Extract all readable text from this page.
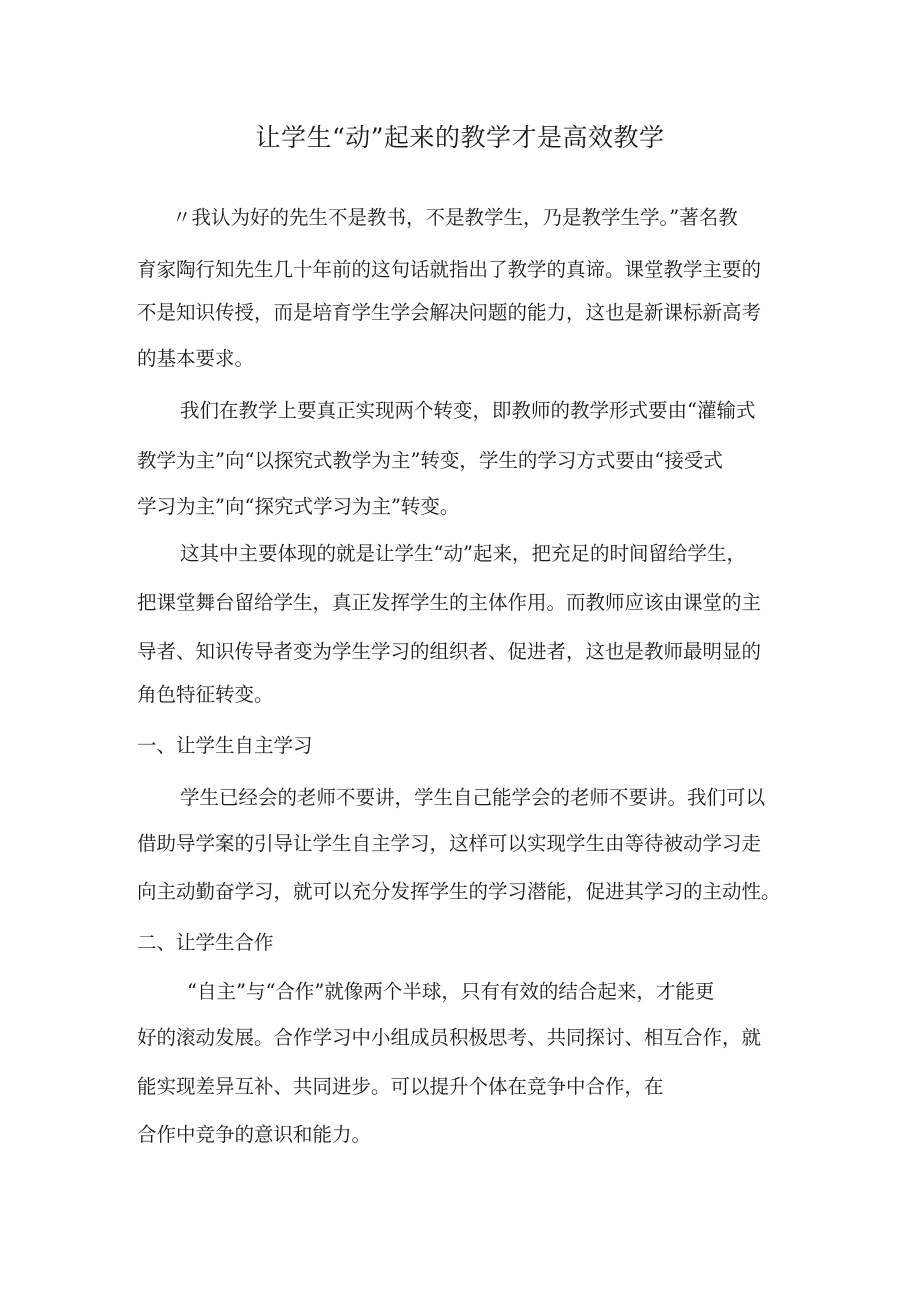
让学生“动”起来的教学才是高效教学
〃我认为好的先生不是教书，不是教学生，乃是教学生学。”著名教
育家陶行知先生几十年前的这句话就指出了教学的真谛。课堂教学主要的
不是知识传授，而是培育学生学会解决问题的能力，这也是新课标新高考
的基本要求。
我们在教学上要真正实现两个转变，即教师的教学形式要由“灌输式
教学为主”向“以探究式教学为主”转变，学生的学习方式要由“接受式
学习为主”向“探究式学习为主”转变。
这其中主要体现的就是让学生“动”起来，把充足的时间留给学生，
把课堂舞台留给学生，真正发挥学生的主体作用。而教师应该由课堂的主
导者、知识传导者变为学生学习的组织者、促进者，这也是教师最明显的
角色特征转变。
一、让学生自主学习
学生已经会的老师不要讲，学生自己能学会的老师不要讲。我们可以
借助导学案的引导让学生自主学习，这样可以实现学生由等待被动学习走
向主动勤奋学习，就可以充分发挥学生的学习潜能，促进其学习的主动性。
二、让学生合作
“自主”与“合作”就像两个半球，只有有效的结合起来，才能更
好的滚动发展。合作学习中小组成员积极思考、共同探讨、相互合作，就
能实现差异互补、共同进步。可以提升个体在竞争中合作，在
合作中竞争的意识和能力。
